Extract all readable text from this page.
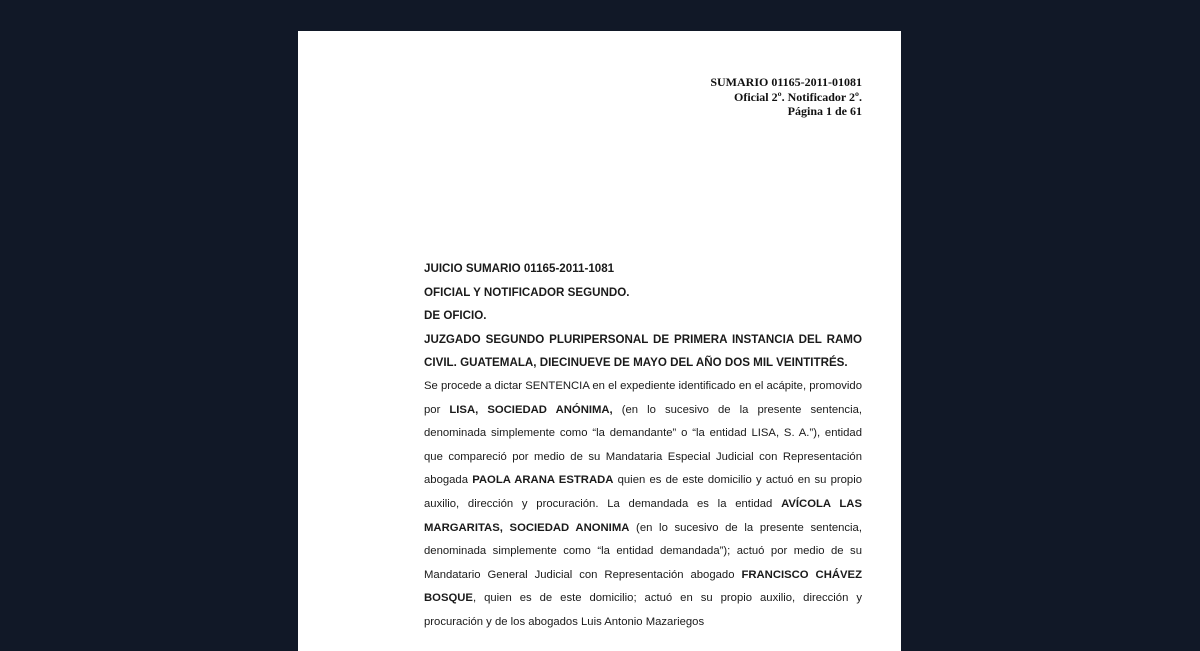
SUMARIO 01165-2011-01081
Oficial 2º. Notificador 2º.
Página 1 de 61
JUICIO SUMARIO 01165-2011-1081
OFICIAL Y NOTIFICADOR SEGUNDO.
DE OFICIO.
JUZGADO SEGUNDO PLURIPERSONAL DE PRIMERA INSTANCIA DEL RAMO CIVIL. GUATEMALA, DIECINUEVE DE MAYO DEL AÑO DOS MIL VEINTITRÉS.
Se procede a dictar SENTENCIA en el expediente identificado en el acápite, promovido por LISA, SOCIEDAD ANÓNIMA, (en lo sucesivo de la presente sentencia, denominada simplemente como “la demandante” o “la entidad LISA, S. A.”), entidad que compareció por medio de su Mandataria Especial Judicial con Representación abogada PAOLA ARANA ESTRADA quien es de este domicilio y actuó en su propio auxilio, dirección y procuración. La demandada es la entidad AVÍCOLA LAS MARGARITAS, SOCIEDAD ANONIMA (en lo sucesivo de la presente sentencia, denominada simplemente como “la entidad demandada”); actuó por medio de su Mandatario General Judicial con Representación abogado FRANCISCO CHÁVEZ BOSQUE, quien es de este domicilio; actuó en su propio auxilio, dirección y procuración y de los abogados Luis Antonio Mazariegos
